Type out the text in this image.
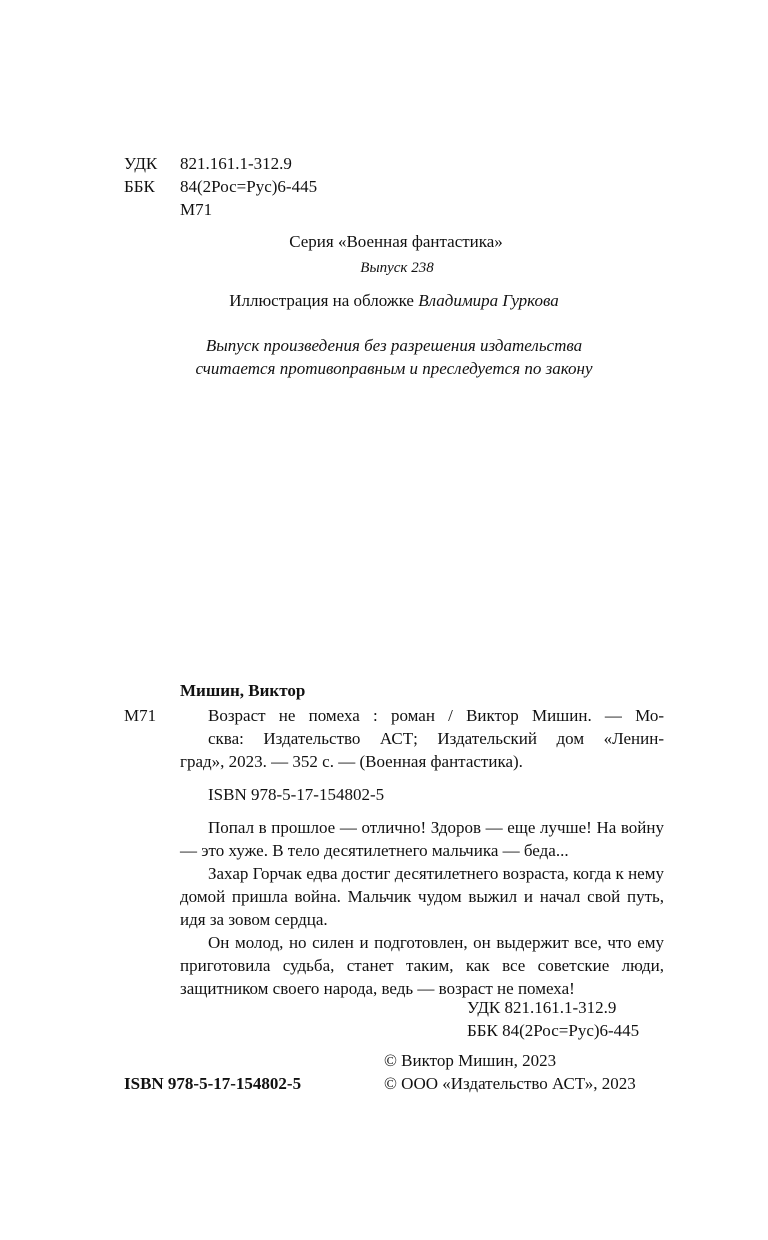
УДК	821.161.1-312.9
ББК	84(2Рос=Рус)6-445
М71
Серия «Военная фантастика»
Выпуск 238
Иллюстрация на обложке Владимира Гуркова
Выпуск произведения без разрешения издательства
считается противоправным и преследуется по закону
Мишин, Виктор
М71	Возраст не помеха : роман / Виктор Мишин. — Мо-
сква: Издательство АСТ; Издательский дом «Ленин-
град», 2023. — 352 с. — (Военная фантастика).
ISBN 978-5-17-154802-5

Попал в прошлое — отлично! Здоров — еще лучше! На войну — это хуже. В тело десятилетнего мальчика — беда...

Захар Горчак едва достиг десятилетнего возраста, когда к нему домой пришла война. Мальчик чудом выжил и начал свой путь, идя за зовом сердца.

Он молод, но силен и подготовлен, он выдержит все, что ему приготовила судьба, станет таким, как все советские люди, защитником своего народа, ведь — возраст не помеха!

УДК 821.161.1-312.9
ББК 84(2Рос=Рус)6-445
© Виктор Мишин, 2023
ISBN 978-5-17-154802-5	© ООО «Издательство АСТ», 2023
